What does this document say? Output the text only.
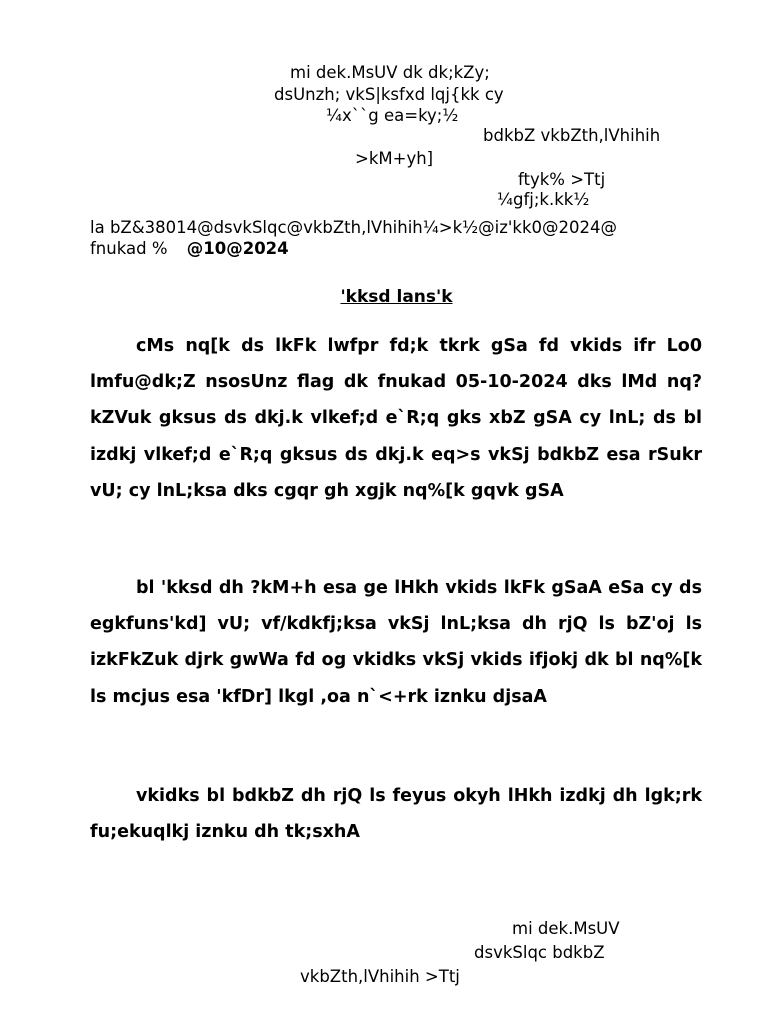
mi dek.MsUV dk dk;kZy;
dsUnzh; vkS|ksfxd lqj{kk cy
¼x``g ea=ky;½
bdkbZ vkbZth,lVhihih
>kM+yh]
ftyk% >Ttj
¼gfj;k.kk½
la bZ&38014@dsvkSlqc@vkbZth,lVhihih¼>k½@iz'kk0@2024@
fnukad % @10@2024
'kksd lans'k

cMs nq[k ds lkFk lwfpr fd;k tkrk gSa fd vkids ifr Lo0 lmfu@dk;Z nsosUnz flag dk fnukad 05-10-2024 dks lMd nq?kZVuk gksus ds dkj.k vlkef;d e`R;q gks xbZ gSA cy lnL; ds bl izdkj vlkef;d e`R;q gksus ds dkj.k eq>s vkSj bdkbZ esa rSukr vU; cy lnL;ksa dks cgqr gh xgjk nq%[k gqvk gSA

bl 'kksd dh ?kM+h esa ge lHkh vkids lkFk gSaA eSa cy ds egkfuns'kd] vU; vf/kdkfj;ksa vkSj lnL;ksa dh rjQ ls bZ'oj ls izkFkZuk djrk gwWa fd og vkidks vkSj vkids ifjokj dk bl nq%[k ls mcjus esa 'kfDr] lkgl ,oa n`<+rk iznku djsaA

vkidks bl bdkbZ dh rjQ ls feyus okyh lHkh izdkj dh lgk;rk fu;ekuqlkj iznku dh tk;sxhA

mi dek.MsUV
dsvkSlqc bdkbZ
vkbZth,lVhihih >Ttj
